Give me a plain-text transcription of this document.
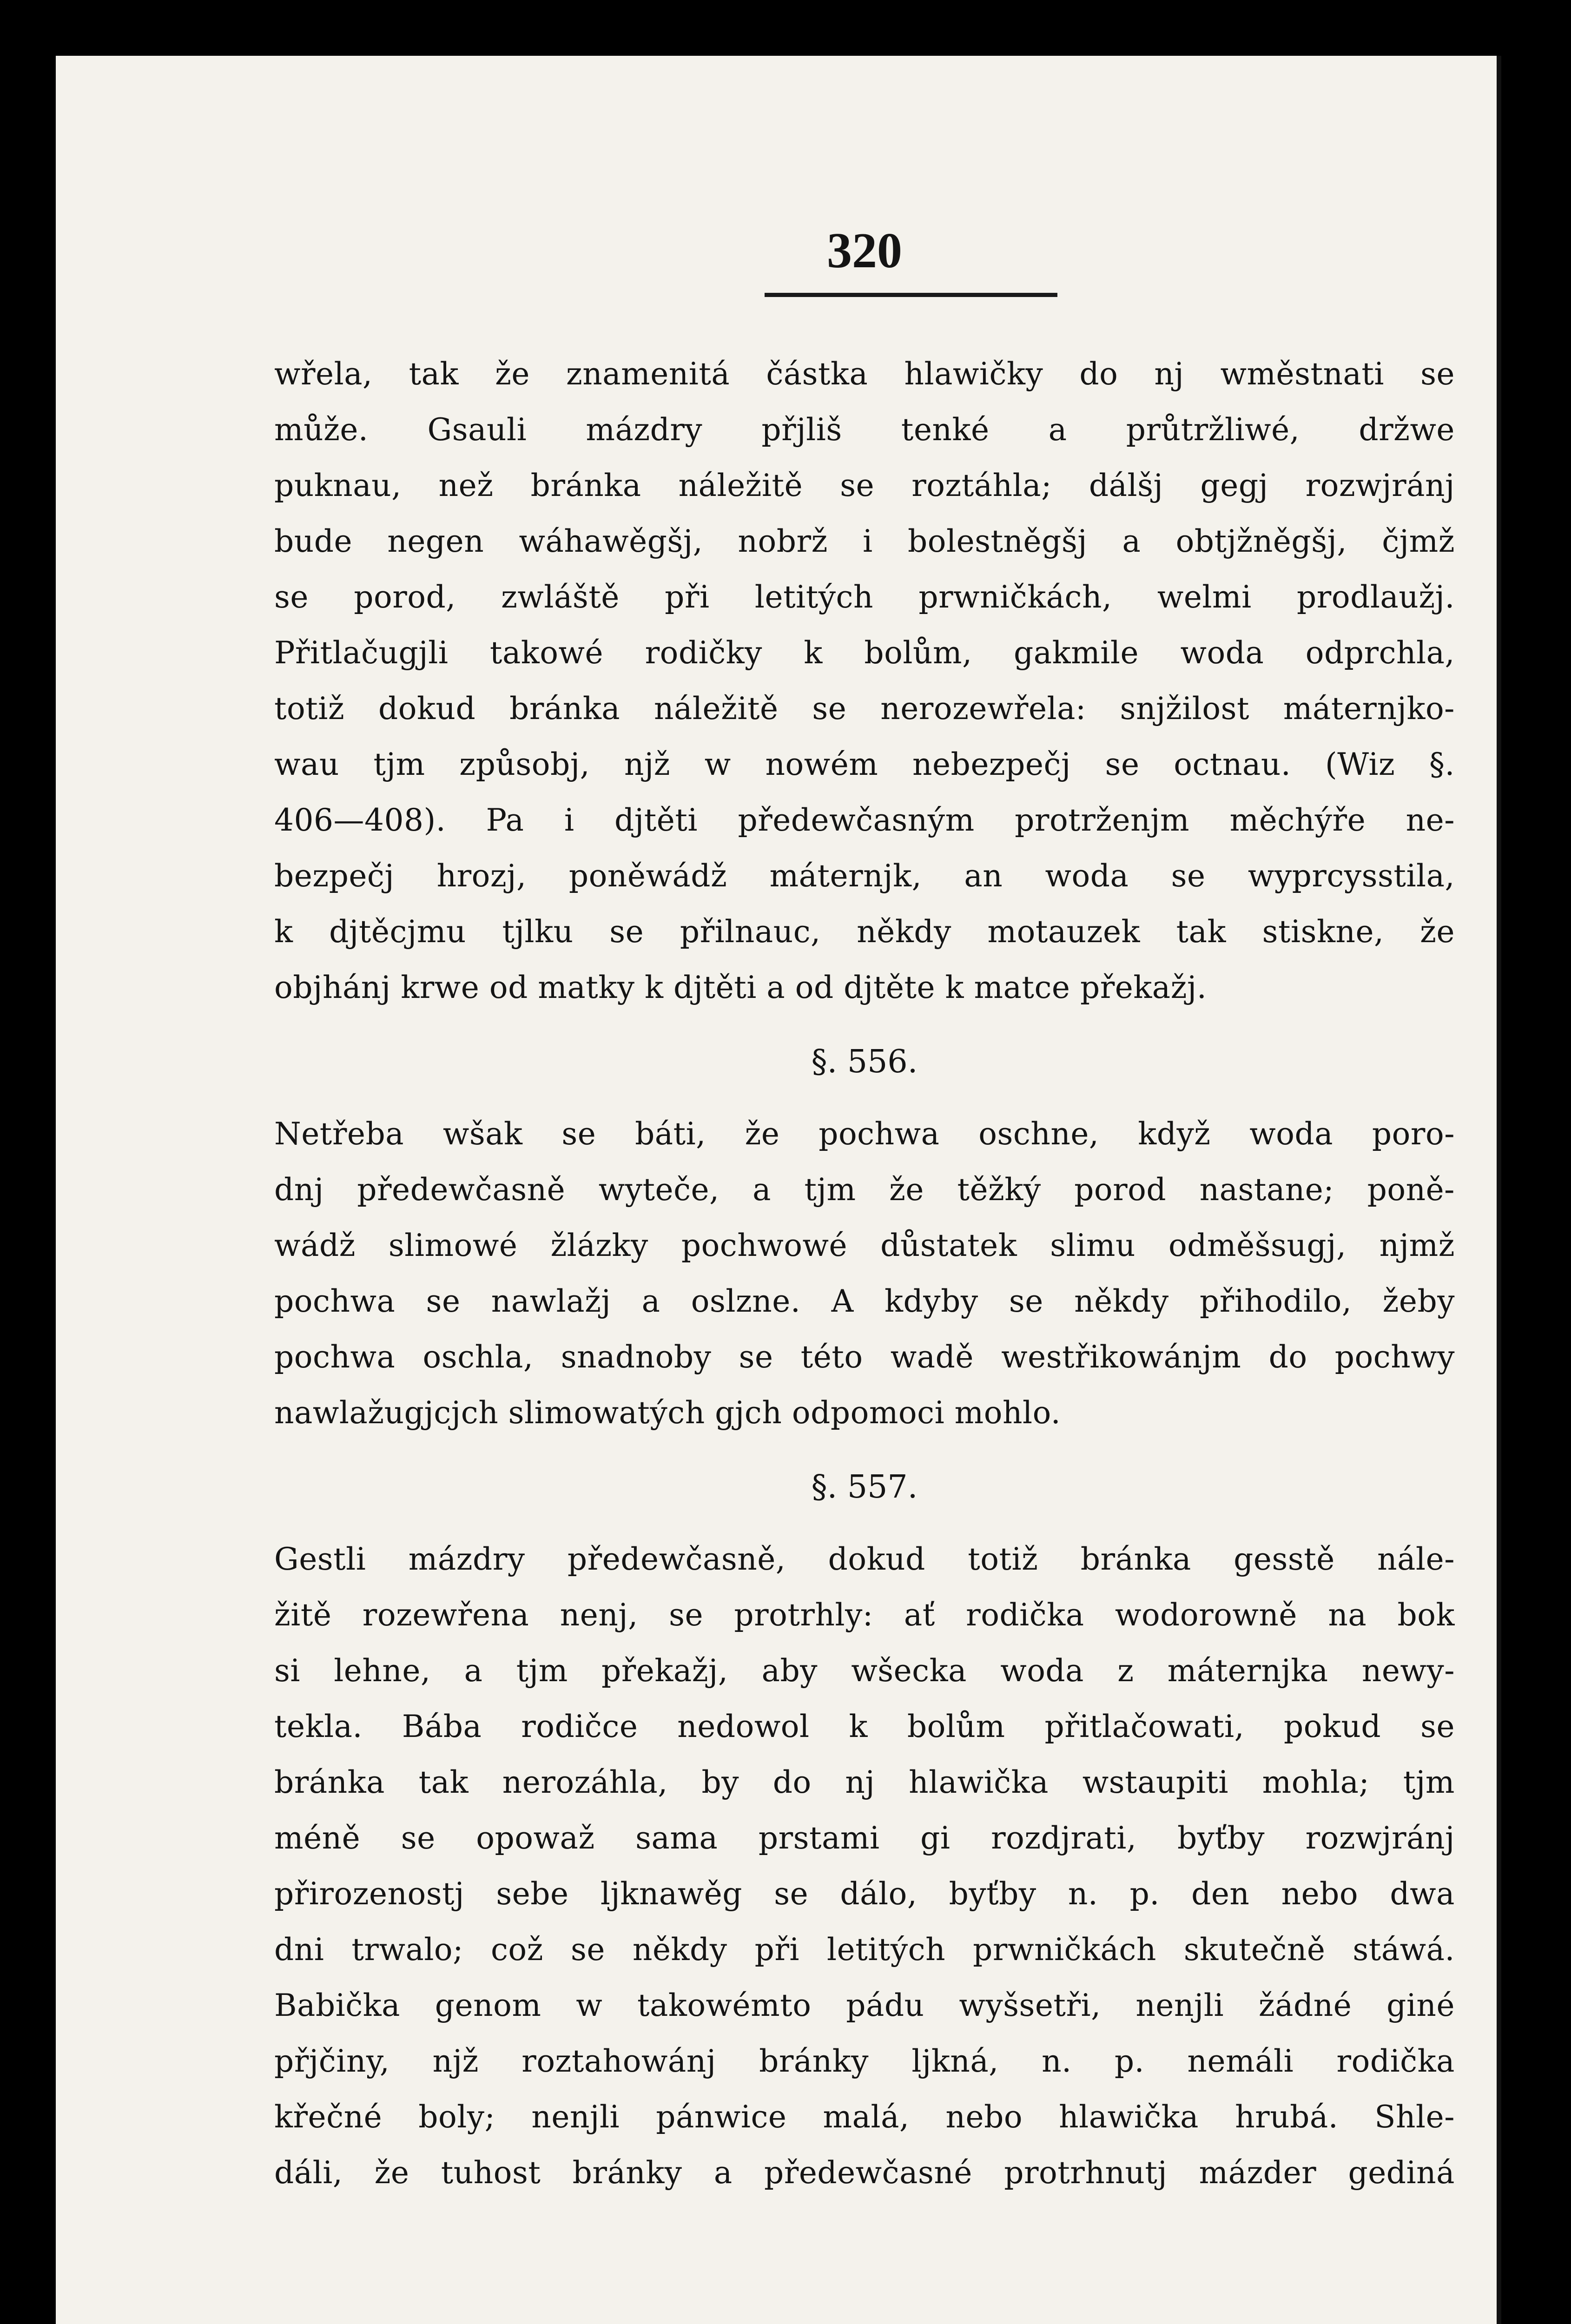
320
wřela, tak že znamenitá částka hlawičky do nj wměstnati se
může. Gsauli mázdry přjliš tenké a průtržliwé, držwe
puknau, než bránka náležitě se roztáhla; dálšj gegj rozwjránj
bude negen wáhawěgšj, nobrž i bolestněgšj a obtjžněgšj, čjmž
se porod, zwláště při letitých prwničkách, welmi prodlaužj.
Přitlačugjli takowé rodičky k bolům, gakmile woda odprchla,
totiž dokud bránka náležitě se nerozewřela: snjžilost máternjko-
wau tjm způsobj, njž w nowém nebezpečj se octnau. (Wiz §.
406—408). Pa i djtěti předewčasným protrženjm měchýře ne-
bezpečj hrozj, poněwádž máternjk, an woda se wyprcysstila,
k djtěcjmu tjlku se přilnauc, někdy motauzek tak stiskne, že
objhánj krwe od matky k djtěti a od djtěte k matce překažj.
§. 556.
Netřeba wšak se báti, že pochwa oschne, když woda poro-
dnj předewčasně wyteče, a tjm že těžký porod nastane; poně-
wádž slimowé žlázky pochwowé důstatek slimu odměšsugj, njmž
pochwa se nawlažj a oslzne. A kdyby se někdy přihodilo, žeby
pochwa oschla, snadnoby se této wadě westřikowánjm do pochwy
nawlažugjcjch slimowatých gjch odpomoci mohlo.
§. 557.
Gestli mázdry předewčasně, dokud totiž bránka gesstě nále-
žitě rozewřena nenj, se protrhly: ať rodička wodorowně na bok
si lehne, a tjm překažj, aby wšecka woda z máternjka newy-
tekla. Bába rodičce nedowol k bolům přitlačowati, pokud se
bránka tak nerozáhla, by do nj hlawička wstaupiti mohla; tjm
méně se opowaž sama prstami gi rozdjrati, byťby rozwjránj
přirozenostj sebe ljknawěg se dálo, byťby n. p. den nebo dwa
dni trwalo; což se někdy při letitých prwničkách skutečně stáwá.
Babička genom w takowémto pádu wyšsetři, nenjli žádné giné
přjčiny, njž roztahowánj bránky ljkná, n. p. nemáli rodička
křečné boly; nenjli pánwice malá, nebo hlawička hrubá. Shle-
dáli, že tuhost bránky a předewčasné protrhnutj mázder gediná
